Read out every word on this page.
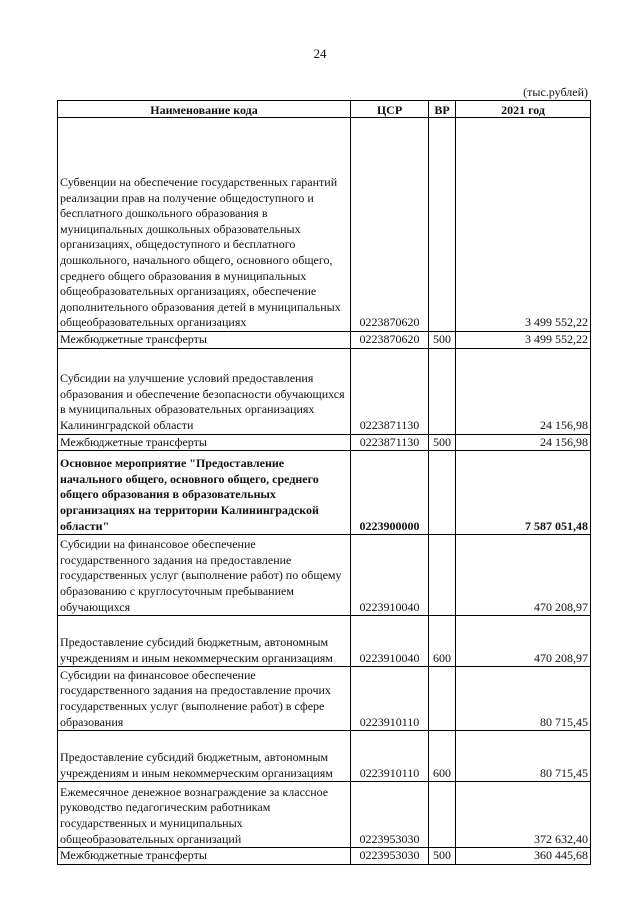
24
(тыс.рублей)
Наименование кода	ЦСР	ВР	2021 год
Субвенции на обеспечение государственных гарантий реализации прав на получение общедоступного и бесплатного дошкольного образования в муниципальных дошкольных образовательных организациях, общедоступного и бесплатного дошкольного, начального общего, основного общего, среднего общего образования в муниципальных общеобразовательных организациях, обеспечение дополнительного образования детей в муниципальных общеобразовательных организациях	0223870620		3 499 552,22
Межбюджетные трансферты	0223870620	500	3 499 552,22
Субсидии на улучшение условий предоставления образования и обеспечение безопасности обучающихся в муниципальных образовательных организациях Калининградской области	0223871130		24 156,98
Межбюджетные трансферты	0223871130	500	24 156,98
Основное мероприятие "Предоставление начального общего, основного общего, среднего общего образования в образовательных организациях на территории Калининградской области"	0223900000		7 587 051,48
Субсидии на финансовое обеспечение государственного задания на предоставление государственных услуг (выполнение работ) по общему образованию с круглосуточным пребыванием обучающихся	0223910040		470 208,97
Предоставление субсидий бюджетным, автономным учреждениям и иным некоммерческим организациям	0223910040	600	470 208,97
Субсидии на финансовое обеспечение государственного задания на предоставление прочих государственных услуг (выполнение работ) в сфере образования	0223910110		80 715,45
Предоставление субсидий бюджетным, автономным учреждениям и иным некоммерческим организациям	0223910110	600	80 715,45
Ежемесячное денежное вознаграждение за классное руководство педагогическим работникам государственных и муниципальных общеобразовательных организаций	0223953030		372 632,40
Межбюджетные трансферты	0223953030	500	360 445,68
